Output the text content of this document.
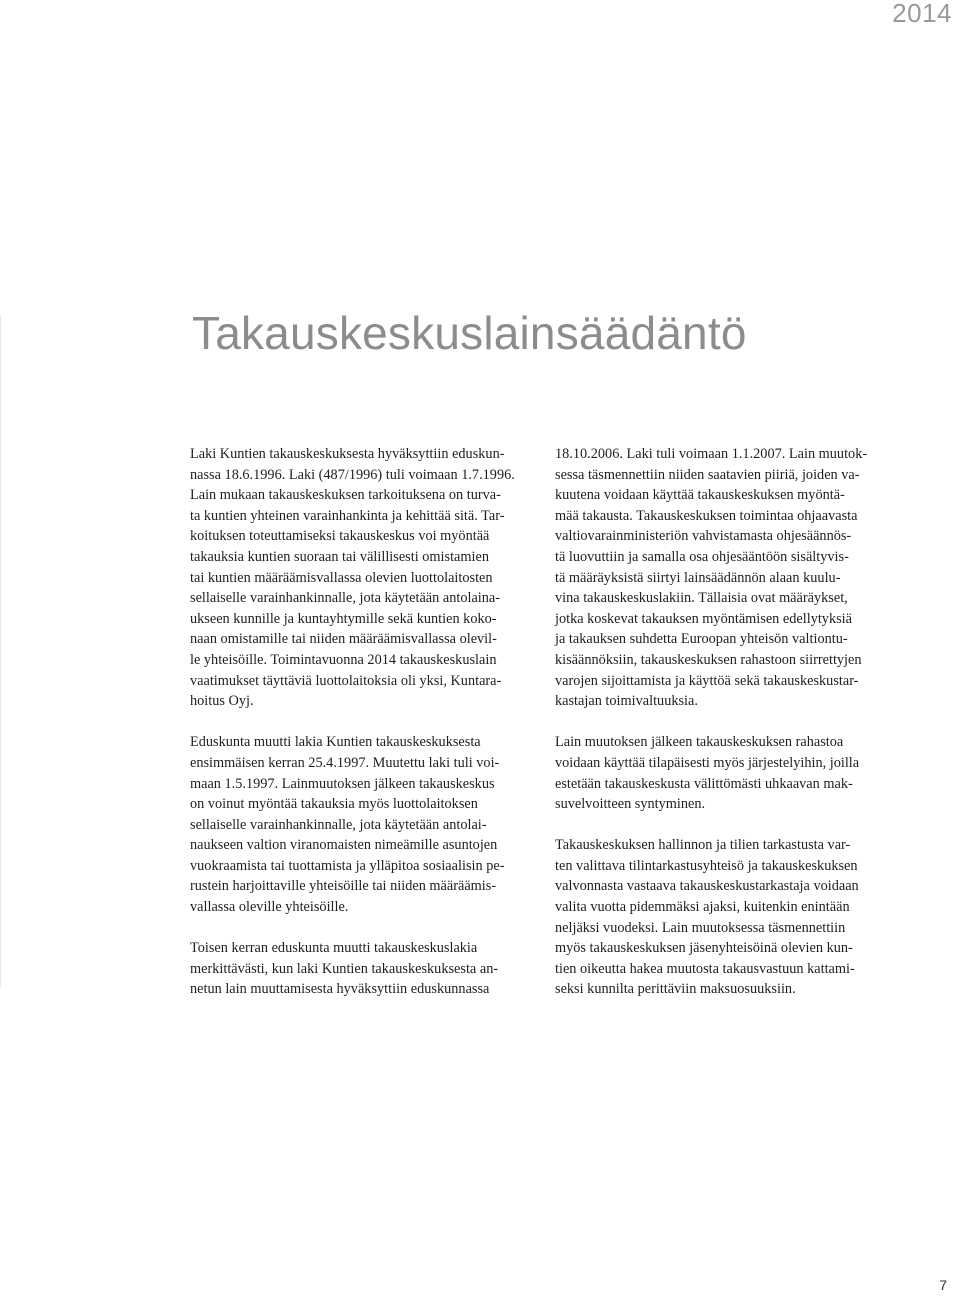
2014
Takauskeskuslainsäädäntö

Laki Kuntien takauskeskuksesta hyväksyttiin eduskun-
nassa 18.6.1996. Laki (487/1996) tuli voimaan 1.7.1996.
Lain mukaan takauskeskuksen tarkoituksena on turva-
ta kuntien yhteinen varainhankinta ja kehittää sitä. Tar-
koituksen toteuttamiseksi takauskeskus voi myöntää
takauksia kuntien suoraan tai välillisesti omistamien
tai kuntien määräämisvallassa olevien luottolaitosten
sellaiselle varainhankinnalle, jota käytetään antolaina-
ukseen kunnille ja kuntayhtymille sekä kuntien koko-
naan omistamille tai niiden määräämisvallassa olevil-
le yhteisöille. Toimintavuonna 2014 takauskeskuslain
vaatimukset täyttäviä luottolaitoksia oli yksi, Kuntara-
hoitus Oyj.

Eduskunta muutti lakia Kuntien takauskeskuksesta
ensimmäisen kerran 25.4.1997. Muutettu laki tuli voi-
maan 1.5.1997. Lainmuutoksen jälkeen takauskeskus
on voinut myöntää takauksia myös luottolaitoksen
sellaiselle varainhankinnalle, jota käytetään antolai-
naukseen valtion viranomaisten nimeämille asuntojen
vuokraamista tai tuottamista ja ylläpitoa sosiaalisin pe-
rustein harjoittaville yhteisöille tai niiden määräämis-
vallassa oleville yhteisöille.

Toisen kerran eduskunta muutti takauskeskuslakia
merkittävästi, kun laki Kuntien takauskeskuksesta an-
netun lain muuttamisesta hyväksyttiin eduskunnassa

18.10.2006. Laki tuli voimaan 1.1.2007. Lain muutok-
sessa täsmennettiin niiden saatavien piiriä, joiden va-
kuutena voidaan käyttää takauskeskuksen myöntä-
mää takausta. Takauskeskuksen toimintaa ohjaavasta
valtiovarainministeriön vahvistamasta ohjesäännös-
tä luovuttiin ja samalla osa ohjesääntöön sisältyvis-
tä määräyksistä siirtyi lainsäädännön alaan kuulu-
vina takauskeskuslakiin. Tällaisia ovat määräykset,
jotka koskevat takauksen myöntämisen edellytyksiä
ja takauksen suhdetta Euroopan yhteisön valtiontu-
kisäännöksiin, takauskeskuksen rahastoon siirrettyjen
varojen sijoittamista ja käyttöä sekä takauskeskustar-
kastajan toimivaltuuksia.

Lain muutoksen jälkeen takauskeskuksen rahastoa
voidaan käyttää tilapäisesti myös järjestelyihin, joilla
estetään takauskeskusta välittömästi uhkaavan mak-
suvelvoitteen syntyminen.

Takauskeskuksen hallinnon ja tilien tarkastusta var-
ten valittava tilintarkastusyhteisö ja takauskeskuksen
valvonnasta vastaava takauskeskustarkastaja voidaan
valita vuotta pidemmäksi ajaksi, kuitenkin enintään
neljäksi vuodeksi. Lain muutoksessa täsmennettiin
myös takauskeskuksen jäsenyhteisöinä olevien kun-
tien oikeutta hakea muutosta takausvastuun kattami-
seksi kunnilta perittäviin maksuosuuksiin.

7
